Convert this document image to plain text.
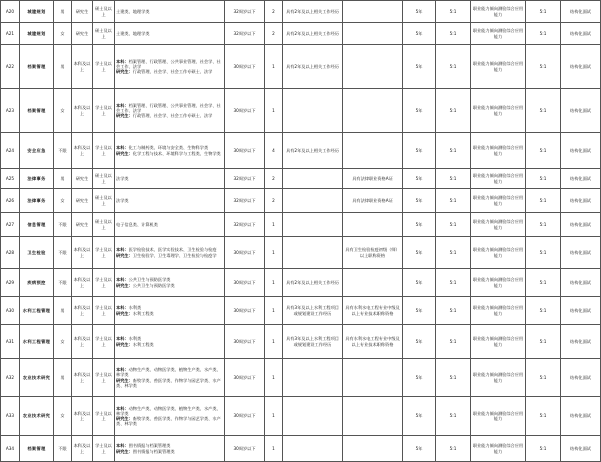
A20	城建规划	男	研究生	硕士及以上	土建类、地理学类	32周岁以下	2	具有2年及以上相关工作经历		5年	5:1	职业能力倾向测验综合应用能力	5:1	结构化面试
A21	城建规划	女	研究生	硕士及以上	土建类、地理学类	32周岁以下	2	具有2年及以上相关工作经历		5年	5:1	职业能力倾向测验综合应用能力	5:1	结构化面试
A22	档案管理	男	本科及以上	学士及以上	本科：档案管理、行政管理、公共事业管理、社会学、社会工作、法学
研究生：行政管理、社会学、社会工作专硕士、法学	30周岁以下	1	具有2年及以上相关工作经历		5年	5:1	职业能力倾向测验综合应用能力	5:1	结构化面试
A23	档案管理	女	本科及以上	学士及以上	本科：档案管理、行政管理、公共事业管理、社会学、社会工作、法学
研究生：行政管理、社会学、社会工作专硕士、法学	30周岁以下	1			5年	5:1	职业能力倾向测验综合应用能力	5:1	结构化面试
A24	安全应急	不限	本科及以上	学士及以上	本科：化工与制药类、环境与安全类、生物科学类
研究生：化学工程与技术、环境科学与工程类、生物学类	30周岁以下	4	具有2年及以上相关工作经历		5年	5:1	职业能力倾向测验综合应用能力	5:1	结构化面试
A25	法律事务	男	研究生	硕士及以上	法学类	32周岁以下	2		具有法律职业资格A证	5年	5:1	职业能力倾向测验综合应用能力	5:1	结构化面试
A26	法律事务	女	研究生	硕士及以上	法学类	32周岁以下	2		具有法律职业资格A证	5年	5:1	职业能力倾向测验综合应用能力	5:1	结构化面试
A27	信息管理	不限	研究生	硕士及以上	电子信息类、计算机类	32周岁以下	1			5年	5:1	职业能力倾向测验综合应用能力	5:1	结构化面试
A28	卫生检验	不限	本科及以上	学士及以上	本科：医学检验技术、医学实验技术、卫生检验与检疫
研究生：卫生检验学、卫生毒理学、卫生检验与检疫学	30周岁以下	1		具有卫生检验检疫初级（师）以上职称资格	5年	5:1	职业能力倾向测验综合应用能力	5:1	结构化面试
A29	疾病预控	不限	本科及以上	学士及以上	本科：公共卫生与预防医学类
研究生：公共卫生与预防医学类	30周岁以下	1	具有2年及以上相关工作经历		5年	5:1	职业能力倾向测验综合应用能力	5:1	结构化面试
A30	水利工程管理	男	本科及以上	学士及以上	本科：水利类
研究生：水利工程类	30周岁以下	1	具有3年及以上水利工程项目或规划建设工作经历	具有水利水电工程专业中级及以上专业技术职称资格	5年	5:1	职业能力倾向测验综合应用能力	5:1	结构化面试
A31	水利工程管理	女	本科及以上	学士及以上	本科：水利类
研究生：水利工程类	30周岁以下	1	具有3年及以上水利工程项目或规划建设工作经历	具有水利水电工程专业中级及以上专业技术职称资格	5年	5:1	职业能力倾向测验综合应用能力	5:1	结构化面试
A32	农业技术研究	男	本科及以上	学士及以上	本科：动物生产类、动物医学类、植物生产类、水产类、林学类
研究生：畜牧学类、兽医学类、作物学与园艺学类、水产类、林学类	30周岁以下	1			5年	5:1	职业能力倾向测验综合应用能力	5:1	结构化面试
A33	农业技术研究	女	本科及以上	学士及以上	本科：动物生产类、动物医学类、植物生产类、水产类、林学类
研究生：畜牧学类、兽医学类、作物学与园艺学类、水产类、林学类	30周岁以下	1			5年	5:1	职业能力倾向测验综合应用能力	5:1	结构化面试
A34	档案管理	不限	本科及以上	学士及以上	本科：图书情报与档案管理类
研究生：图书情报与档案管理类	30周岁以下	1			5年	5:1	职业能力倾向测验综合应用能力	5:1	结构化面试
